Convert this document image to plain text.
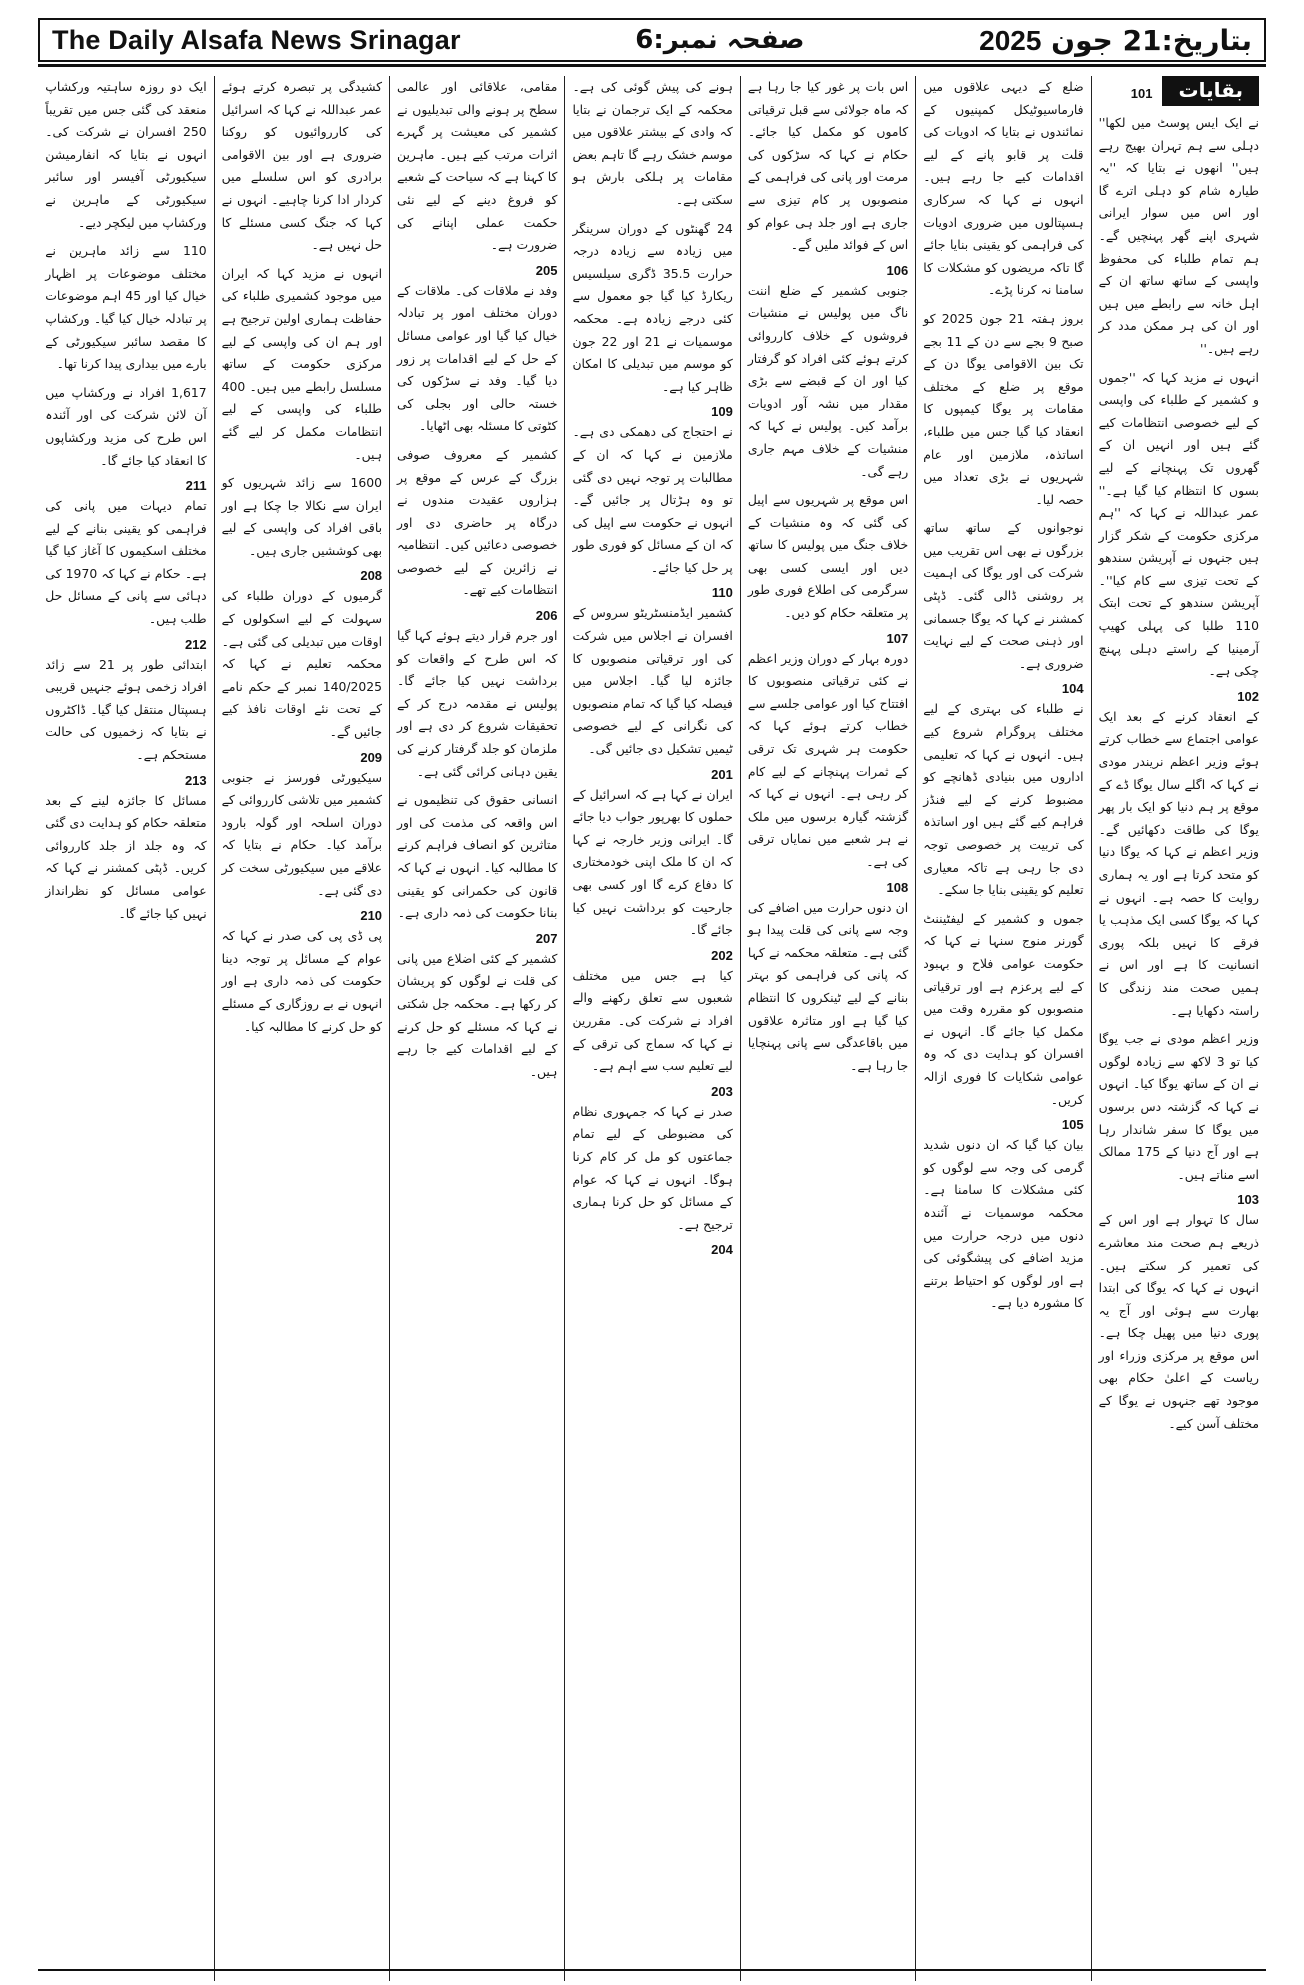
The Daily Alsafa News Srinagar	صفحہ نمبر:6	بتاریخ:21 جون 2025
بقایات
101

نے ایک ایس پوسٹ میں لکھا'' دہلی سے ہم تہران بھیج رہے ہیں'' انھوں نے بتایا کہ ''یہ طیارہ شام کو دہلی اترے گا اور اس میں سوار ایرانی شہری اپنے گھر پہنچیں گے۔ ہم تمام طلباء کی محفوظ واپسی کے ساتھ ساتھ ان کے اہل خانہ سے رابطے میں ہیں اور ان کی ہر ممکن مدد کر رہے ہیں۔''

انہوں نے مزید کہا کہ ''جموں و کشمیر کے طلباء کی واپسی کے لیے خصوصی انتظامات کیے گئے ہیں اور انہیں ان کے گھروں تک پہنچانے کے لیے بسوں کا انتظام کیا گیا ہے۔'' عمر عبداللہ نے کہا کہ ''ہم مرکزی حکومت کے شکر گزار ہیں جنہوں نے آپریشن سندھو کے تحت تیزی سے کام کیا''۔ آپریشن سندھو کے تحت ابتک 110 طلبا کی پہلی کھیپ آرمینیا کے راستے دہلی پہنچ چکی ہے۔

102

کے انعقاد کرنے کے بعد ایک عوامی اجتماع سے خطاب کرتے ہوئے وزیر اعظم نریندر مودی نے کہا کہ اگلے سال یوگا ڈے کے موقع پر ہم دنیا کو ایک بار پھر یوگا کی طاقت دکھائیں گے۔ وزیر اعظم نے کہا کہ یوگا دنیا کو متحد کرتا ہے اور یہ ہماری روایت کا حصہ ہے۔ انہوں نے کہا کہ یوگا کسی ایک مذہب یا فرقے کا نہیں بلکہ پوری انسانیت کا ہے اور اس نے ہمیں صحت مند زندگی کا راستہ دکھایا ہے۔

وزیر اعظم مودی نے جب یوگا کیا تو 3 لاکھ سے زیادہ لوگوں نے ان کے ساتھ یوگا کیا۔ انہوں نے کہا کہ گزشتہ دس برسوں میں یوگا کا سفر شاندار رہا ہے اور آج دنیا کے 175 ممالک اسے مناتے ہیں۔

103

سال کا تہوار ہے اور اس کے ذریعے ہم صحت مند معاشرے کی تعمیر کر سکتے ہیں۔ انہوں نے کہا کہ یوگا کی ابتدا بھارت سے ہوئی اور آج یہ پوری دنیا میں پھیل چکا ہے۔ اس موقع پر مرکزی وزراء اور ریاست کے اعلیٰ حکام بھی موجود تھے جنہوں نے یوگا کے مختلف آسن کیے۔

ضلع کے دیہی علاقوں میں فارماسیوٹیکل کمپنیوں کے نمائندوں نے بتایا کہ ادویات کی قلت پر قابو پانے کے لیے اقدامات کیے جا رہے ہیں۔ انہوں نے کہا کہ سرکاری ہسپتالوں میں ضروری ادویات کی فراہمی کو یقینی بنایا جائے گا تاکہ مریضوں کو مشکلات کا سامنا نہ کرنا پڑے۔

بروز ہفتہ 21 جون 2025 کو صبح 9 بجے سے دن کے 11 بجے تک بین الاقوامی یوگا دن کے موقع پر ضلع کے مختلف مقامات پر یوگا کیمپوں کا انعقاد کیا گیا جس میں طلباء، اساتذہ، ملازمین اور عام شہریوں نے بڑی تعداد میں حصہ لیا۔

نوجوانوں کے ساتھ ساتھ بزرگوں نے بھی اس تقریب میں شرکت کی اور یوگا کی اہمیت پر روشنی ڈالی گئی۔ ڈپٹی کمشنر نے کہا کہ یوگا جسمانی اور ذہنی صحت کے لیے نہایت ضروری ہے۔

104

نے طلباء کی بہتری کے لیے مختلف پروگرام شروع کیے ہیں۔ انہوں نے کہا کہ تعلیمی اداروں میں بنیادی ڈھانچے کو مضبوط کرنے کے لیے فنڈز فراہم کیے گئے ہیں اور اساتذہ کی تربیت پر خصوصی توجہ دی جا رہی ہے تاکہ معیاری تعلیم کو یقینی بنایا جا سکے۔

جموں و کشمیر کے لیفٹیننٹ گورنر منوج سنہا نے کہا کہ حکومت عوامی فلاح و بہبود کے لیے پرعزم ہے اور ترقیاتی منصوبوں کو مقررہ وقت میں مکمل کیا جائے گا۔ انہوں نے افسران کو ہدایت دی کہ وہ عوامی شکایات کا فوری ازالہ کریں۔

105

بیان کیا گیا کہ ان دنوں شدید گرمی کی وجہ سے لوگوں کو کئی مشکلات کا سامنا ہے۔ محکمہ موسمیات نے آئندہ دنوں میں درجہ حرارت میں مزید اضافے کی پیشگوئی کی ہے اور لوگوں کو احتیاط برتنے کا مشورہ دیا ہے۔

اس بات پر غور کیا جا رہا ہے کہ ماہ جولائی سے قبل ترقیاتی کاموں کو مکمل کیا جائے۔ حکام نے کہا کہ سڑکوں کی مرمت اور پانی کی فراہمی کے منصوبوں پر کام تیزی سے جاری ہے اور جلد ہی عوام کو اس کے فوائد ملیں گے۔

106

جنوبی کشمیر کے ضلع اننت ناگ میں پولیس نے منشیات فروشوں کے خلاف کارروائی کرتے ہوئے کئی افراد کو گرفتار کیا اور ان کے قبضے سے بڑی مقدار میں نشہ آور ادویات برآمد کیں۔ پولیس نے کہا کہ منشیات کے خلاف مہم جاری رہے گی۔

اس موقع پر شہریوں سے اپیل کی گئی کہ وہ منشیات کے خلاف جنگ میں پولیس کا ساتھ دیں اور ایسی کسی بھی سرگرمی کی اطلاع فوری طور پر متعلقہ حکام کو دیں۔

107

دورہ بہار کے دوران وزیر اعظم نے کئی ترقیاتی منصوبوں کا افتتاح کیا اور عوامی جلسے سے خطاب کرتے ہوئے کہا کہ حکومت ہر شہری تک ترقی کے ثمرات پہنچانے کے لیے کام کر رہی ہے۔ انہوں نے کہا کہ گزشتہ گیارہ برسوں میں ملک نے ہر شعبے میں نمایاں ترقی کی ہے۔

108

ان دنوں حرارت میں اضافے کی وجہ سے پانی کی قلت پیدا ہو گئی ہے۔ متعلقہ محکمہ نے کہا کہ پانی کی فراہمی کو بہتر بنانے کے لیے ٹینکروں کا انتظام کیا گیا ہے اور متاثرہ علاقوں میں باقاعدگی سے پانی پہنچایا جا رہا ہے۔

ہونے کی پیش گوئی کی ہے۔ محکمہ کے ایک ترجمان نے بتایا کہ وادی کے بیشتر علاقوں میں موسم خشک رہے گا تاہم بعض مقامات پر ہلکی بارش ہو سکتی ہے۔

24 گھنٹوں کے دوران سرینگر میں زیادہ سے زیادہ درجہ حرارت 35.5 ڈگری سیلسیس ریکارڈ کیا گیا جو معمول سے کئی درجے زیادہ ہے۔ محکمہ موسمیات نے 21 اور 22 جون کو موسم میں تبدیلی کا امکان ظاہر کیا ہے۔

109

نے احتجاج کی دھمکی دی ہے۔ ملازمین نے کہا کہ ان کے مطالبات پر توجہ نہیں دی گئی تو وہ ہڑتال پر جائیں گے۔ انہوں نے حکومت سے اپیل کی کہ ان کے مسائل کو فوری طور پر حل کیا جائے۔

110

کشمیر ایڈمنسٹریٹو سروس کے افسران نے اجلاس میں شرکت کی اور ترقیاتی منصوبوں کا جائزہ لیا گیا۔ اجلاس میں فیصلہ کیا گیا کہ تمام منصوبوں کی نگرانی کے لیے خصوصی ٹیمیں تشکیل دی جائیں گی۔

201

ایران نے کہا ہے کہ اسرائیل کے حملوں کا بھرپور جواب دیا جائے گا۔ ایرانی وزیر خارجہ نے کہا کہ ان کا ملک اپنی خودمختاری کا دفاع کرے گا اور کسی بھی جارحیت کو برداشت نہیں کیا جائے گا۔

202

کیا ہے جس میں مختلف شعبوں سے تعلق رکھنے والے افراد نے شرکت کی۔ مقررین نے کہا کہ سماج کی ترقی کے لیے تعلیم سب سے اہم ہے۔

203

صدر نے کہا کہ جمہوری نظام کی مضبوطی کے لیے تمام جماعتوں کو مل کر کام کرنا ہوگا۔ انہوں نے کہا کہ عوام کے مسائل کو حل کرنا ہماری ترجیح ہے۔

204

مقامی، علاقائی اور عالمی سطح پر ہونے والی تبدیلیوں نے کشمیر کی معیشت پر گہرے اثرات مرتب کیے ہیں۔ ماہرین کا کہنا ہے کہ سیاحت کے شعبے کو فروغ دینے کے لیے نئی حکمت عملی اپنانے کی ضرورت ہے۔

205

وفد نے ملاقات کی۔ ملاقات کے دوران مختلف امور پر تبادلہ خیال کیا گیا اور عوامی مسائل کے حل کے لیے اقدامات پر زور دیا گیا۔ وفد نے سڑکوں کی خستہ حالی اور بجلی کی کٹوتی کا مسئلہ بھی اٹھایا۔

کشمیر کے معروف صوفی بزرگ کے عرس کے موقع پر ہزاروں عقیدت مندوں نے درگاہ پر حاضری دی اور خصوصی دعائیں کیں۔ انتظامیہ نے زائرین کے لیے خصوصی انتظامات کیے تھے۔

206

اور جرم قرار دیتے ہوئے کہا گیا کہ اس طرح کے واقعات کو برداشت نہیں کیا جائے گا۔ پولیس نے مقدمہ درج کر کے تحقیقات شروع کر دی ہے اور ملزمان کو جلد گرفتار کرنے کی یقین دہانی کرائی گئی ہے۔

انسانی حقوق کی تنظیموں نے اس واقعہ کی مذمت کی اور متاثرین کو انصاف فراہم کرنے کا مطالبہ کیا۔ انہوں نے کہا کہ قانون کی حکمرانی کو یقینی بنانا حکومت کی ذمہ داری ہے۔

207

کشمیر کے کئی اضلاع میں پانی کی قلت نے لوگوں کو پریشان کر رکھا ہے۔ محکمہ جل شکتی نے کہا کہ مسئلے کو حل کرنے کے لیے اقدامات کیے جا رہے ہیں۔

کشیدگی پر تبصرہ کرتے ہوئے عمر عبداللہ نے کہا کہ اسرائیل کی کارروائیوں کو روکنا ضروری ہے اور بین الاقوامی برادری کو اس سلسلے میں کردار ادا کرنا چاہیے۔ انہوں نے کہا کہ جنگ کسی مسئلے کا حل نہیں ہے۔

انہوں نے مزید کہا کہ ایران میں موجود کشمیری طلباء کی حفاظت ہماری اولین ترجیح ہے اور ہم ان کی واپسی کے لیے مرکزی حکومت کے ساتھ مسلسل رابطے میں ہیں۔ 400 طلباء کی واپسی کے لیے انتظامات مکمل کر لیے گئے ہیں۔

1600 سے زائد شہریوں کو ایران سے نکالا جا چکا ہے اور باقی افراد کی واپسی کے لیے بھی کوششیں جاری ہیں۔

208

گرمیوں کے دوران طلباء کی سہولت کے لیے اسکولوں کے اوقات میں تبدیلی کی گئی ہے۔ محکمہ تعلیم نے کہا کہ 140/2025 نمبر کے حکم نامے کے تحت نئے اوقات نافذ کیے جائیں گے۔

209

سیکیورٹی فورسز نے جنوبی کشمیر میں تلاشی کارروائی کے دوران اسلحہ اور گولہ بارود برآمد کیا۔ حکام نے بتایا کہ علاقے میں سیکیورٹی سخت کر دی گئی ہے۔

210

پی ڈی پی کی صدر نے کہا کہ عوام کے مسائل پر توجہ دینا حکومت کی ذمہ داری ہے اور انہوں نے بے روزگاری کے مسئلے کو حل کرنے کا مطالبہ کیا۔

ایک دو روزہ ساہتیہ ورکشاپ منعقد کی گئی جس میں تقریباً 250 افسران نے شرکت کی۔ انہوں نے بتایا کہ انفارمیشن سیکیورٹی آفیسر اور سائبر سیکیورٹی کے ماہرین نے ورکشاپ میں لیکچر دیے۔

110 سے زائد ماہرین نے مختلف موضوعات پر اظہار خیال کیا اور 45 اہم موضوعات پر تبادلہ خیال کیا گیا۔ ورکشاپ کا مقصد سائبر سیکیورٹی کے بارے میں بیداری پیدا کرنا تھا۔

1,617 افراد نے ورکشاپ میں آن لائن شرکت کی اور آئندہ اس طرح کی مزید ورکشاپوں کا انعقاد کیا جائے گا۔

211

تمام دیہات میں پانی کی فراہمی کو یقینی بنانے کے لیے مختلف اسکیموں کا آغاز کیا گیا ہے۔ حکام نے کہا کہ 1970 کی دہائی سے پانی کے مسائل حل طلب ہیں۔

212

ابتدائی طور پر 21 سے زائد افراد زخمی ہوئے جنہیں قریبی ہسپتال منتقل کیا گیا۔ ڈاکٹروں نے بتایا کہ زخمیوں کی حالت مستحکم ہے۔

213

مسائل کا جائزہ لینے کے بعد متعلقہ حکام کو ہدایت دی گئی کہ وہ جلد از جلد کارروائی کریں۔ ڈپٹی کمشنر نے کہا کہ عوامی مسائل کو نظرانداز نہیں کیا جائے گا۔
